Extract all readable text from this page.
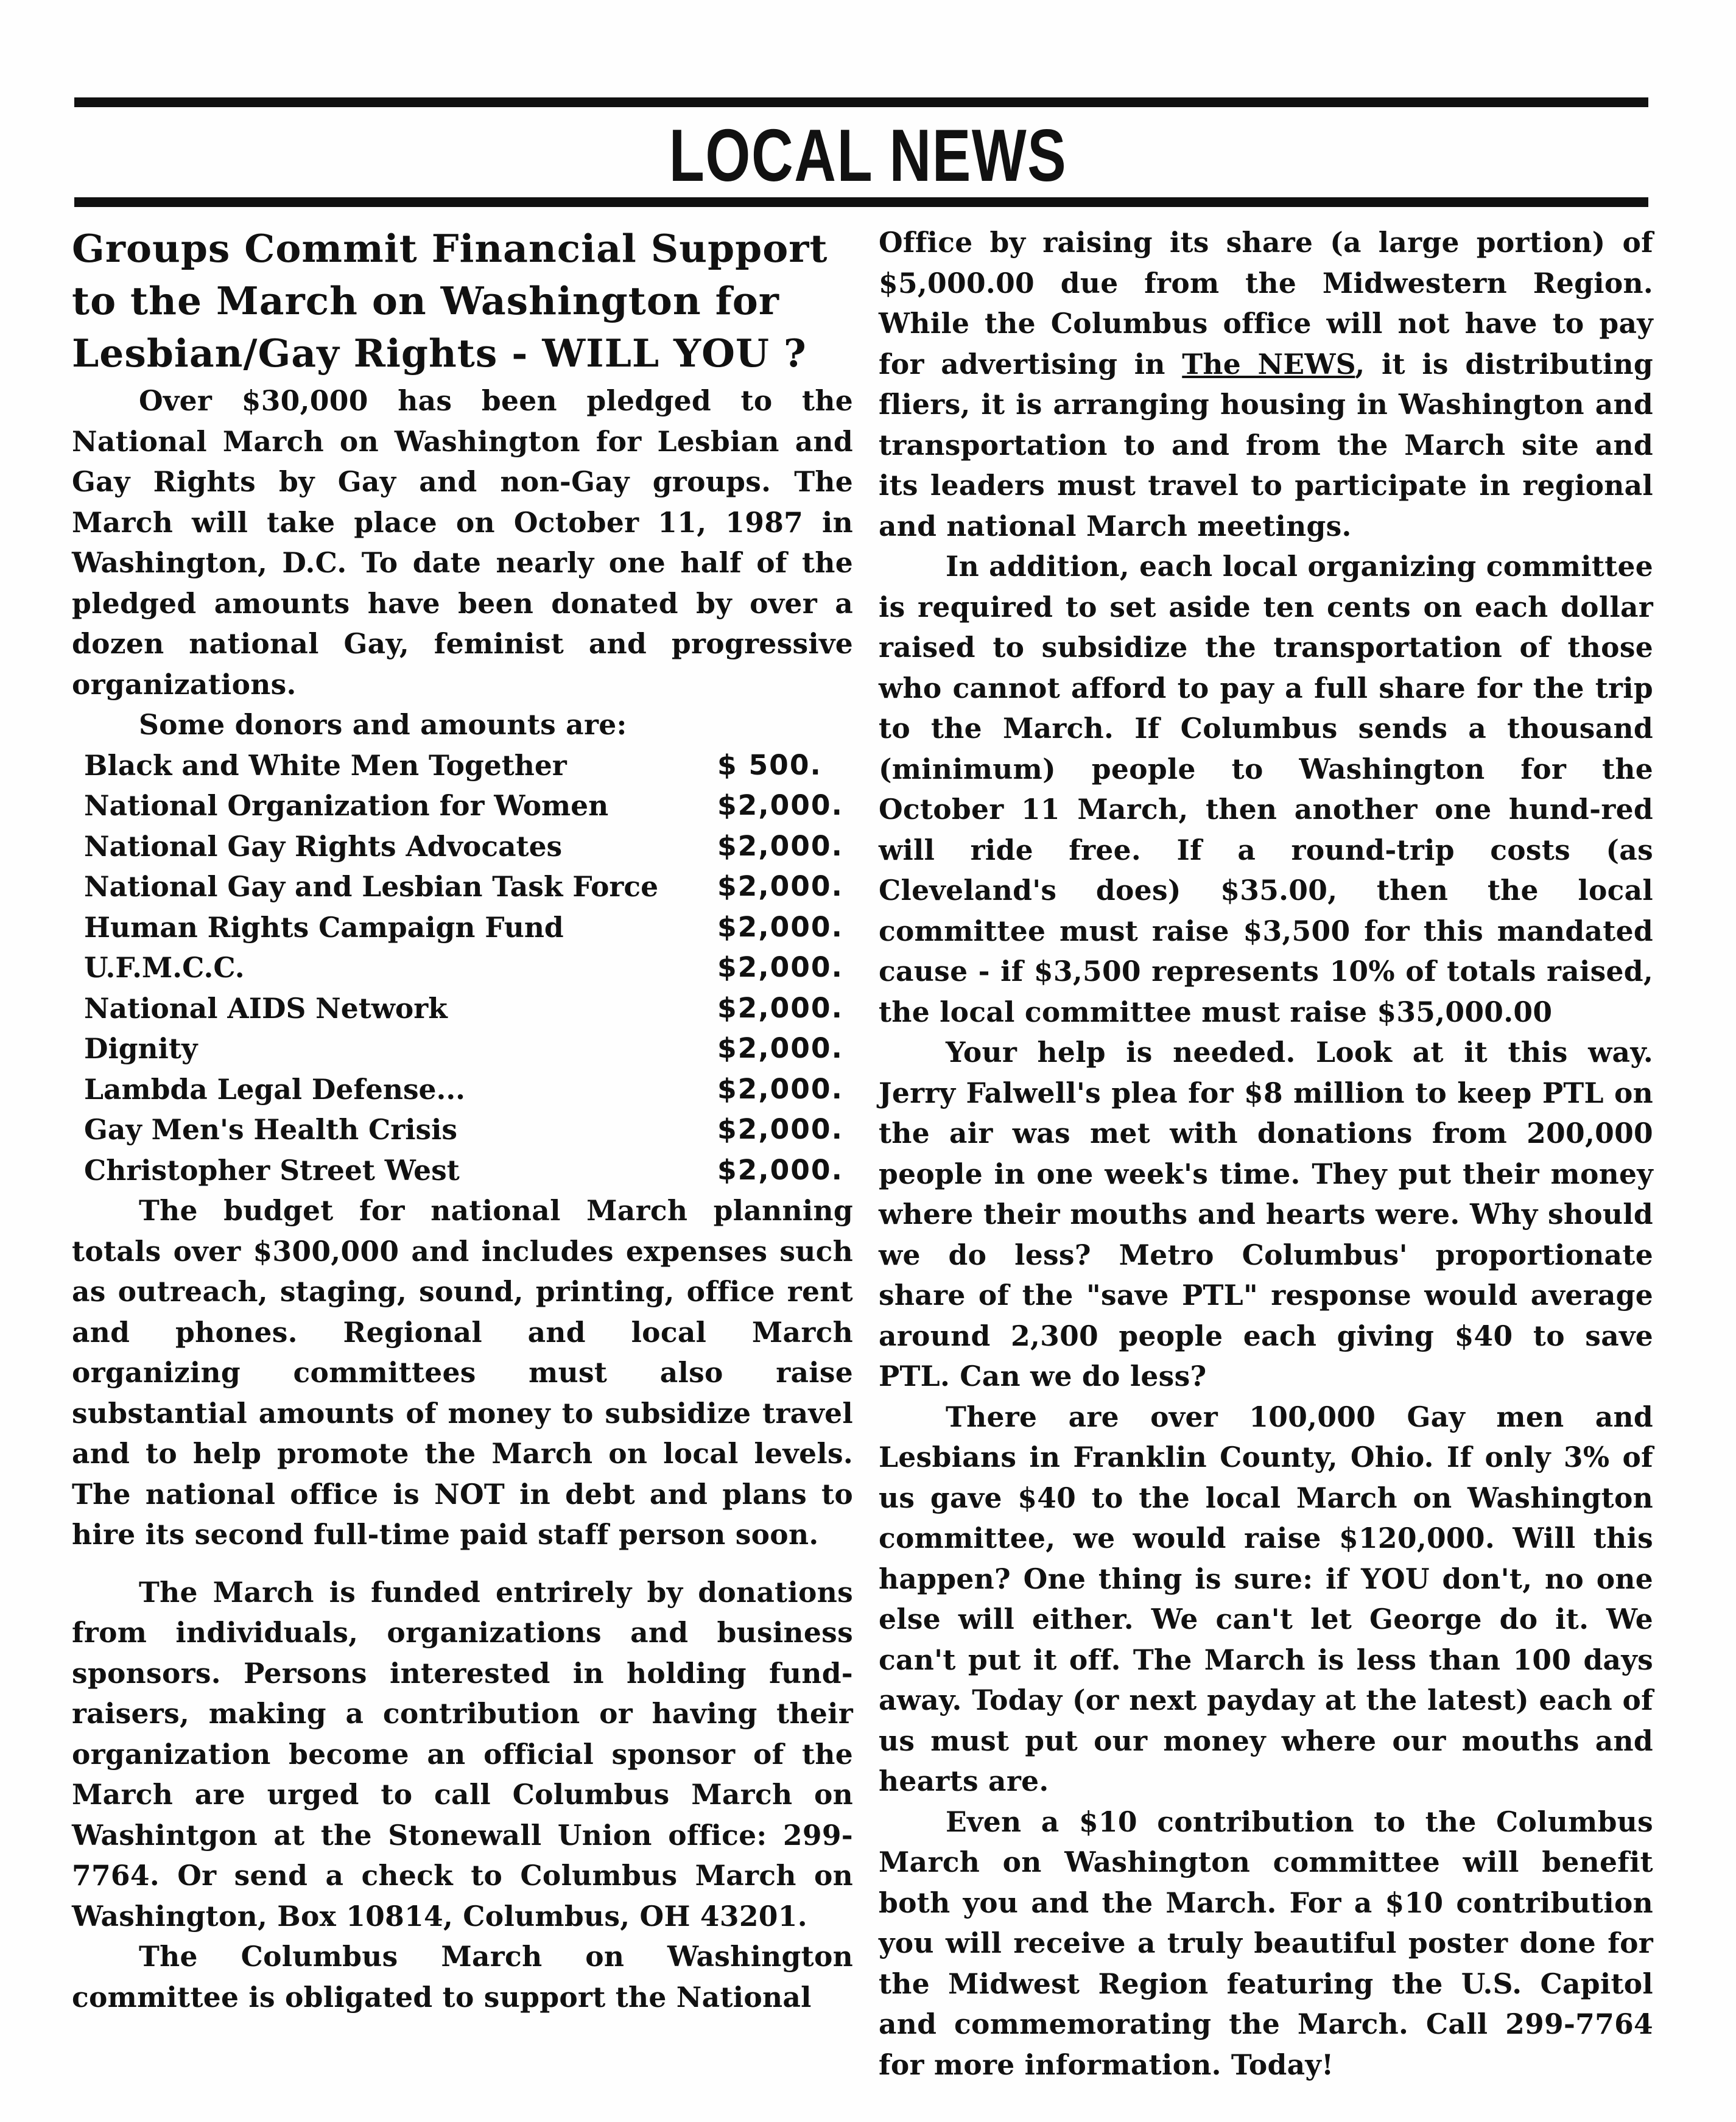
LOCAL NEWS
Groups Commit Financial Support to the March on Washington for Lesbian/Gay Rights - WILL YOU ?

Over $30,000 has been pledged to the National March on Washington for Lesbian and Gay Rights by Gay and non-Gay groups. The March will take place on October 11, 1987 in Washington, D.C. To date nearly one half of the pledged amounts have been donated by over a dozen national Gay, feminist and progressive organizations.

Some donors and amounts are:

Black and White Men Together	$ 500.
National Organization for Women	$2,000.
National Gay Rights Advocates	$2,000.
National Gay and Lesbian Task Force $2,000.
Human Rights Campaign Fund	$2,000.
U.F.M.C.C.	$2,000.
National AIDS Network	$2,000.
Dignity	$2,000.
Lambda Legal Defense...	$2,000.
Gay Men's Health Crisis	$2,000.
Christopher Street West	$2,000.

The budget for national March planning totals over $300,000 and includes expenses such as outreach, staging, sound, printing, office rent and phones. Regional and local March organizing committees must also raise substantial amounts of money to subsidize travel and to help promote the March on local levels. The national office is NOT in debt and plans to hire its second full-time paid staff person soon.

The March is funded entrirely by donations from individuals, organizations and business sponsors. Persons interested in holding fund-raisers, making a contribution or having their organization become an official sponsor of the March are urged to call Columbus March on Washintgon at the Stonewall Union office: 299-7764. Or send a check to Columbus March on Washington, Box 10814, Columbus, OH 43201.

The Columbus March on Washington committee is obligated to support the National

Office by raising its share (a large portion) of $5,000.00 due from the Midwestern Region. While the Columbus office will not have to pay for advertising in The NEWS, it is distributing fliers, it is arranging housing in Washington and transportation to and from the March site and its leaders must travel to participate in regional and national March meetings.

In addition, each local organizing committee is required to set aside ten cents on each dollar raised to subsidize the transportation of those who cannot afford to pay a full share for the trip to the March. If Columbus sends a thousand (minimum) people to Washington for the October 11 March, then another one hund-red will ride free. If a round-trip costs (as Cleveland's does) $35.00, then the local committee must raise $3,500 for this mandated cause - if $3,500 represents 10% of totals raised, the local committee must raise $35,000.00

Your help is needed. Look at it this way. Jerry Falwell's plea for $8 million to keep PTL on the air was met with donations from 200,000 people in one week's time. They put their money where their mouths and hearts were. Why should we do less? Metro Columbus' proportionate share of the "save PTL" response would average around 2,300 people each giving $40 to save PTL. Can we do less?

There are over 100,000 Gay men and Lesbians in Franklin County, Ohio. If only 3% of us gave $40 to the local March on Washington committee, we would raise $120,000. Will this happen? One thing is sure: if YOU don't, no one else will either. We can't let George do it. We can't put it off. The March is less than 100 days away. Today (or next payday at the latest) each of us must put our money where our mouths and hearts are.

Even a $10 contribution to the Columbus March on Washington committee will benefit both you and the March. For a $10 contribution you will receive a truly beautiful poster done for the Midwest Region featuring the U.S. Capitol and commemorating the March. Call 299-7764 for more information. Today!
